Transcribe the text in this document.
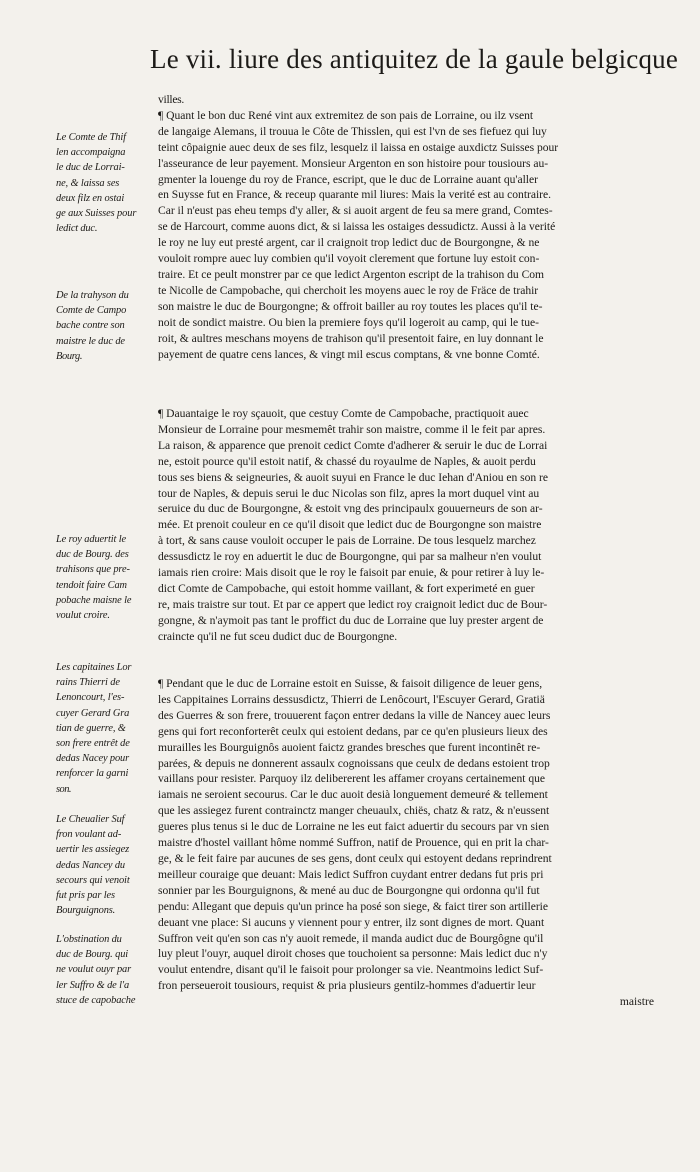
Le vii. liure des antiquitez de la gaule belgicque
Le Comte de Thif
len accompaigna
le duc de Lorrai-
ne, & laissa ses
deux filz en ostai
ge aux Suisses pour
ledict duc.
De la trahyson du
Comte de Campo
bache contre son
maistre le duc de
Bourg.
Le roy aduertit le
duc de Bourg. des
trahisons que pre-
tendoit faire Cam
pobache maisne le
voulut croire.
Les capitaines Lor
rains Thierri de
Lenoncourt, l'es-
cuyer Gerard Gra
tian de guerre, &
son frere entrêt de
dedas Nacey pour
renforcer la garni
son.
Le Cheualier Suf
fron voulant ad-
uertir les assiegez
dedas Nancey du
secours qui venoit
fut pris par les
Bourguignons.
L'obstination du
duc de Bourg. qui
ne voulut ouyr par
ler Suffro & de l'a
stuce de capobache
villes.
¶ Quant le bon duc René vint aux extremitez de son pais de Lorraine, ou ilz vsent
de langaige Alemans, il trouua le Côte de Thisslen, qui est l'vn de ses fiefuez qui luy
teint côpaignie auec deux de ses filz, lesquelz il laissa en ostaige auxdictz Suisses pour
l'asseurance de leur payement. Monsieur Argenton en son histoire pour tousiours au-
gmenter la louenge du roy de France, escript, que le duc de Lorraine auant qu'aller
en Suysse fut en France, & receup quarante mil liures: Mais la verité est au contraire.
Car il n'eust pas eheu temps d'y aller, & si auoit argent de feu sa mere grand, Comtes-
se de Harcourt, comme auons dict, & si laissa les ostaiges dessudictz. Aussi à la verité
le roy ne luy eut presté argent, car il craignoit trop ledict duc de Bourgongne, & ne
vouloit rompre auec luy combien qu'il voyoit clerement que fortune luy estoit con-
traire. Et ce peult monstrer par ce que ledict Argenton escript de la trahison du Com
te Nicolle de Campobache, qui cherchoit les moyens auec le roy de Fräce de trahir
son maistre le duc de Bourgongne; & offroit bailler au roy toutes les places qu'il te-
noit de sondict maistre. Ou bien la premiere foys qu'il logeroit au camp, qui le tue-
roit, & aultres meschans moyens de trahison qu'il presentoit faire, en luy donnant le
payement de quatre cens lances, & vingt mil escus comptans, & vne bonne Comté.
¶ Dauantaige le roy sçauoit, que cestuy Comte de Campobache, practiquoit auec
Monsieur de Lorraine pour mesmemêt trahir son maistre, comme il le feit par apres.
La raison, & apparence que prenoit cedict Comte d'adherer & seruir le duc de Lorrai
ne, estoit pource qu'il estoit natif, & chassé du royaulme de Naples, & auoit perdu
tous ses biens & seigneuries, & auoit suyui en France le duc Iehan d'Aniou en son re
tour de Naples, & depuis serui le duc Nicolas son filz, apres la mort duquel vint au
seruice du duc de Bourgongne, & estoit vng des principaulx gouuerneurs de son ar-
mée. Et prenoit couleur en ce qu'il disoit que ledict duc de Bourgongne son maistre
à tort, & sans cause vouloit occuper le pais de Lorraine. De tous lesquelz marchez
dessusdictz le roy en aduertit le duc de Bourgongne, qui par sa malheur n'en voulut
iamais rien croire: Mais disoit que le roy le faisoit par enuie, & pour retirer à luy le-
dict Comte de Campobache, qui estoit homme vaillant, & fort experimeté en guer
re, mais traistre sur tout. Et par ce appert que ledict roy craignoit ledict duc de Bour-
gongne, & n'aymoit pas tant le proffict du duc de Lorraine que luy prester argent de
craincte qu'il ne fut sceu dudict duc de Bourgongne.
¶ Pendant que le duc de Lorraine estoit en Suisse, & faisoit diligence de leuer gens,
les Cappitaines Lorrains dessusdictz, Thierri de Lenôcourt, l'Escuyer Gerard, Gratiä
des Guerres & son frere, trouuerent façon entrer dedans la ville de Nancey auec leurs
gens qui fort reconforterêt ceulx qui estoient dedans, par ce qu'en plusieurs lieux des
murailles les Bourguignôs auoient faictz grandes bresches que furent incontinêt re-
parées, & depuis ne donnerent assaulx cognoissans que ceulx de dedans estoient trop
vaillans pour resister. Parquoy ilz delibererent les affamer croyans certainement que
iamais ne seroient secourus. Car le duc auoit desià longuement demeuré & tellement
que les assiegez furent contrainctz manger cheuaulx, chiës, chatz & ratz, & n'eussent
gueres plus tenus si le duc de Lorraine ne les eut faict aduertir du secours par vn sien
maistre d'hostel vaillant hôme nommé Suffron, natif de Prouence, qui en prit la char-
ge, & le feit faire par aucunes de ses gens, dont ceulx qui estoyent dedans reprindrent
meilleur couraige que deuant: Mais ledict Suffron cuydant entrer dedans fut pris pri
sonnier par les Bourguignons, & mené au duc de Bourgongne qui ordonna qu'il fut
pendu: Allegant que depuis qu'un prince ha posé son siege, & faict tirer son artillerie
deuant vne place: Si aucuns y viennent pour y entrer, ilz sont dignes de mort. Quant
Suffron veit qu'en son cas n'y auoit remede, il manda audict duc de Bourgôgne qu'il
luy pleut l'ouyr, auquel diroit choses que touchoient sa personne: Mais ledict duc n'y
voulut entendre, disant qu'il le faisoit pour prolonger sa vie. Neantmoins ledict Suf-
fron perseueroit tousiours, requist & pria plusieurs gentilz-hommes d'aduertir leur
maistre
